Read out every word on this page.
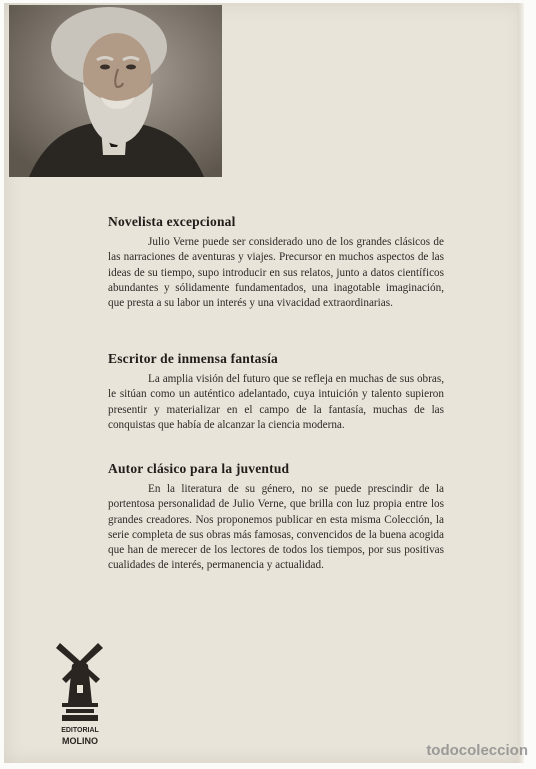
Novelista excepcional

Julio Verne puede ser considerado uno de los grandes clásicos de las narraciones de aventuras y viajes. Precursor en muchos aspectos de las ideas de su tiempo, supo introducir en sus relatos, junto a datos científicos abundantes y sólidamente fundamentados, una inagotable imaginación, que presta a su labor un interés y una vivacidad extraordinarias.

Escritor de inmensa fantasía

La amplia visión del futuro que se refleja en muchas de sus obras, le sitúan como un auténtico adelantado, cuya intuición y talento supieron presentir y materializar en el campo de la fantasía, muchas de las conquistas que había de alcanzar la ciencia moderna.

Autor clásico para la juventud

En la literatura de su género, no se puede prescindir de la portentosa personalidad de Julio Verne, que brilla con luz propia entre los grandes creadores. Nos proponemos publicar en esta misma Colección, la serie completa de sus obras más famosas, convencidos de la buena acogida que han de merecer de los lectores de todos los tiempos, por sus positivas cualidades de interés, permanencia y actualidad.

EDITORIAL
MOLINO
todocoleccion
